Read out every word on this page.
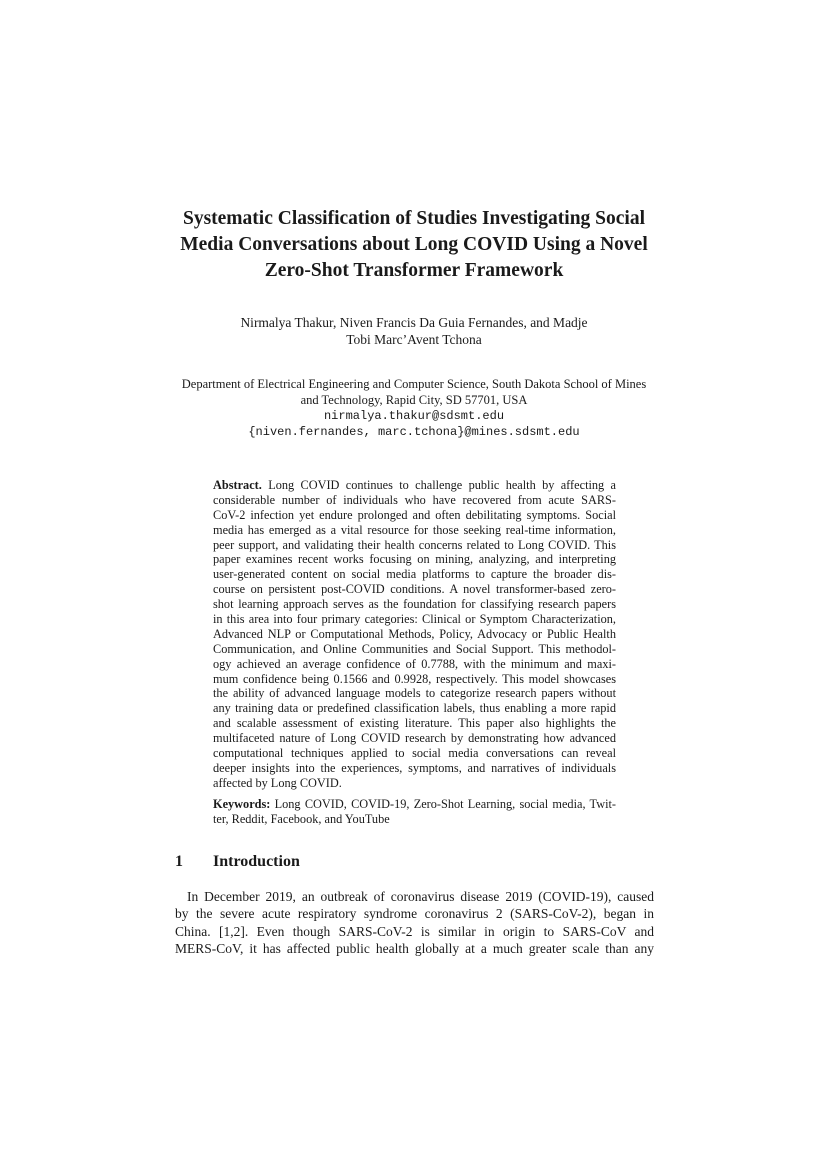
Systematic Classification of Studies Investigating Social
Media Conversations about Long COVID Using a Novel
Zero-Shot Transformer Framework
Nirmalya Thakur, Niven Francis Da Guia Fernandes, and Madje
Tobi Marc’Avent Tchona
Department of Electrical Engineering and Computer Science, South Dakota School of Mines
and Technology, Rapid City, SD 57701, USA
nirmalya.thakur@sdsmt.edu
{niven.fernandes, marc.tchona}@mines.sdsmt.edu
Abstract. Long COVID continues to challenge public health by affecting a
considerable number of individuals who have recovered from acute SARS-
CoV-2 infection yet endure prolonged and often debilitating symptoms. Social
media has emerged as a vital resource for those seeking real-time information,
peer support, and validating their health concerns related to Long COVID. This
paper examines recent works focusing on mining, analyzing, and interpreting
user-generated content on social media platforms to capture the broader dis-
course on persistent post-COVID conditions. A novel transformer-based zero-
shot learning approach serves as the foundation for classifying research papers
in this area into four primary categories: Clinical or Symptom Characterization,
Advanced NLP or Computational Methods, Policy, Advocacy or Public Health
Communication, and Online Communities and Social Support. This methodol-
ogy achieved an average confidence of 0.7788, with the minimum and maxi-
mum confidence being 0.1566 and 0.9928, respectively. This model showcases
the ability of advanced language models to categorize research papers without
any training data or predefined classification labels, thus enabling a more rapid
and scalable assessment of existing literature. This paper also highlights the
multifaceted nature of Long COVID research by demonstrating how advanced
computational techniques applied to social media conversations can reveal
deeper insights into the experiences, symptoms, and narratives of individuals
affected by Long COVID.
Keywords: Long COVID, COVID-19, Zero-Shot Learning, social media, Twit-
ter, Reddit, Facebook, and YouTube
1 Introduction
In December 2019, an outbreak of coronavirus disease 2019 (COVID-19), caused
by the severe acute respiratory syndrome coronavirus 2 (SARS-CoV-2), began in
China. [1,2]. Even though SARS-CoV-2 is similar in origin to SARS-CoV and
MERS-CoV, it has affected public health globally at a much greater scale than any
